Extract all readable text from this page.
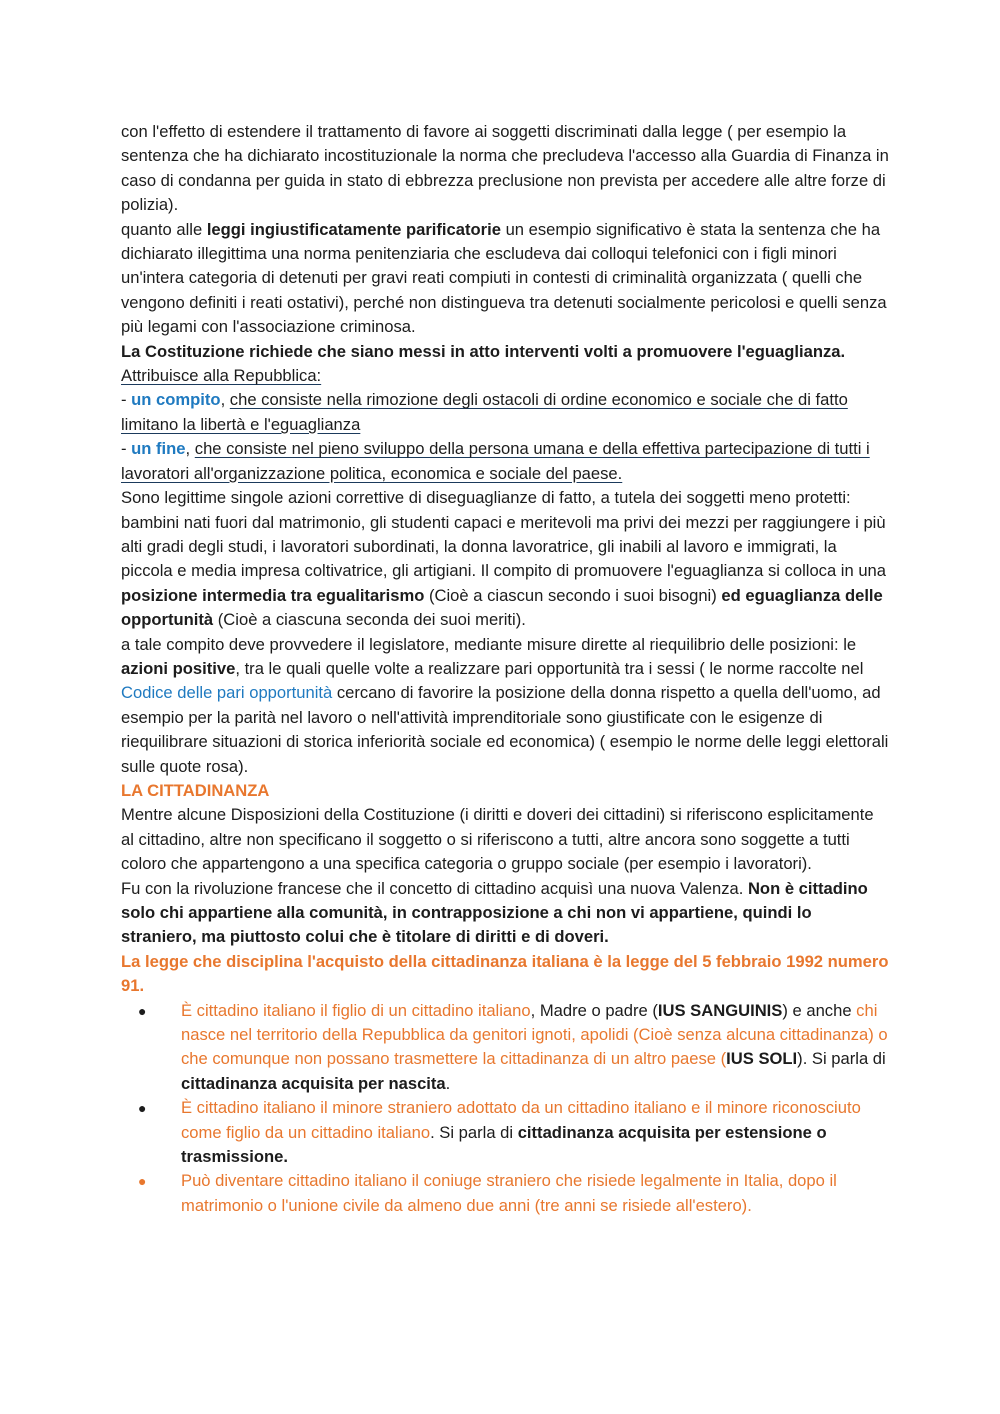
con l'effetto di estendere il trattamento di favore ai soggetti discriminati dalla legge ( per esempio la sentenza che ha dichiarato incostituzionale la norma che precludeva l'accesso alla Guardia di Finanza in caso di condanna per guida in stato di ebbrezza preclusione non prevista per accedere alle altre forze di polizia).

quanto alle leggi ingiustificatamente parificatorie un esempio significativo è stata la sentenza che ha dichiarato illegittima una norma penitenziaria che escludeva dai colloqui telefonici con i figli minori un'intera categoria di detenuti per gravi reati compiuti in contesti di criminalità organizzata ( quelli che vengono definiti i reati ostativi), perché non distingueva tra detenuti socialmente pericolosi e quelli senza più legami con l'associazione criminosa.

La Costituzione richiede che siano messi in atto interventi volti a promuovere l'eguaglianza. Attribuisce alla Repubblica:

- un compito, che consiste nella rimozione degli ostacoli di ordine economico e sociale che di fatto limitano la libertà e l'eguaglianza

- un fine, che consiste nel pieno sviluppo della persona umana e della effettiva partecipazione di tutti i lavoratori all'organizzazione politica, economica e sociale del paese.

Sono legittime singole azioni correttive di diseguaglianze di fatto, a tutela dei soggetti meno protetti: bambini nati fuori dal matrimonio, gli studenti capaci e meritevoli ma privi dei mezzi per raggiungere i più alti gradi degli studi, i lavoratori subordinati, la donna lavoratrice, gli inabili al lavoro e immigrati, la piccola e media impresa coltivatrice, gli artigiani. Il compito di promuovere l'eguaglianza si colloca in una posizione intermedia tra egualitarismo (Cioè a ciascun secondo i suoi bisogni) ed eguaglianza delle opportunità (Cioè a ciascuna seconda dei suoi meriti).

a tale compito deve provvedere il legislatore, mediante misure dirette al riequilibrio delle posizioni: le azioni positive, tra le quali quelle volte a realizzare pari opportunità tra i sessi ( le norme raccolte nel Codice delle pari opportunità cercano di favorire la posizione della donna rispetto a quella dell'uomo, ad esempio per la parità nel lavoro o nell'attività imprenditoriale sono giustificate con le esigenze di riequilibrare situazioni di storica inferiorità sociale ed economica) ( esempio le norme delle leggi elettorali sulle quote rosa).

LA CITTADINANZA

Mentre alcune Disposizioni della Costituzione (i diritti e doveri dei cittadini) si riferiscono esplicitamente al cittadino, altre non specificano il soggetto o si riferiscono a tutti, altre ancora sono soggette a tutti coloro che appartengono a una specifica categoria o gruppo sociale (per esempio i lavoratori).

Fu con la rivoluzione francese che il concetto di cittadino acquisì una nuova Valenza. Non è cittadino solo chi appartiene alla comunità, in contrapposizione a chi non vi appartiene, quindi lo straniero, ma piuttosto colui che è titolare di diritti e di doveri.

La legge che disciplina l'acquisto della cittadinanza italiana è la legge del 5 febbraio 1992 numero 91.

● È cittadino italiano il figlio di un cittadino italiano, Madre o padre (IUS SANGUINIS) e anche chi nasce nel territorio della Repubblica da genitori ignoti, apolidi (Cioè senza alcuna cittadinanza) o che comunque non possano trasmettere la cittadinanza di un altro paese (IUS SOLI). Si parla di cittadinanza acquisita per nascita.
● È cittadino italiano il minore straniero adottato da un cittadino italiano e il minore riconosciuto come figlio da un cittadino italiano. Si parla di cittadinanza acquisita per estensione o trasmissione.
● Può diventare cittadino italiano il coniuge straniero che risiede legalmente in Italia, dopo il matrimonio o l'unione civile da almeno due anni (tre anni se risiede all'estero).
